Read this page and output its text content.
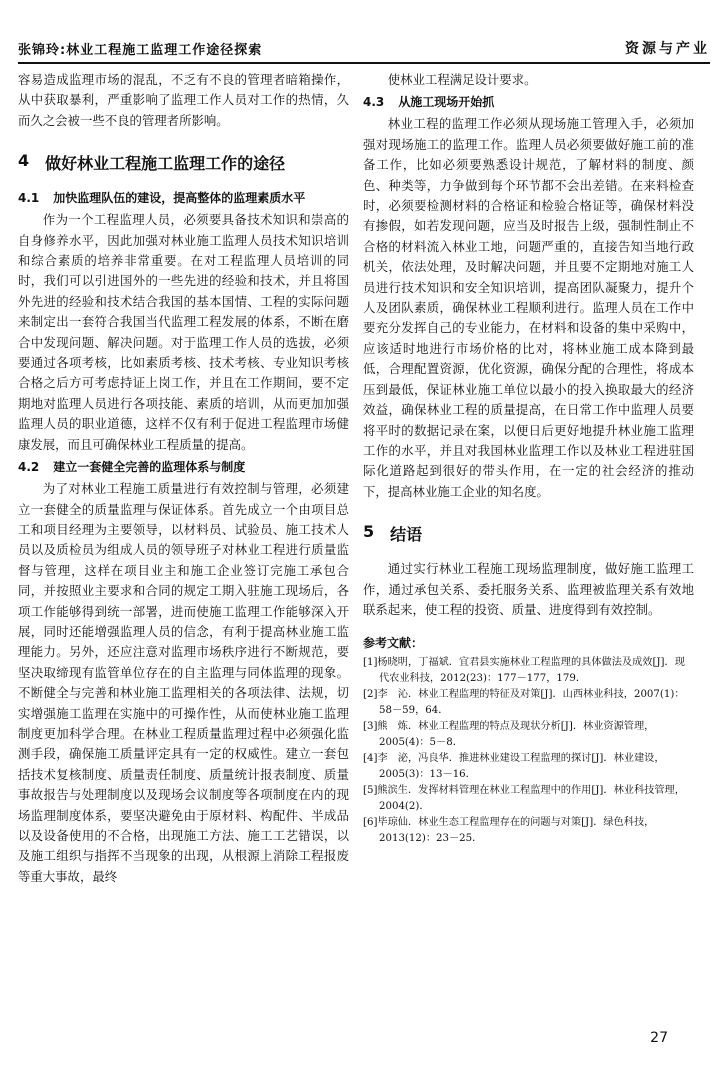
张锦玲:林业工程施工监理工作途径探索	资源与产业

容易造成监理市场的混乱，不乏有不良的管理者暗箱操作，从中获取暴利，严重影响了监理工作人员对工作的热情，久而久之会被一些不良的管理者所影响。

4 做好林业工程施工监理工作的途径
4.1 加快监理队伍的建设，提高整体的监理素质水平

作为一个工程监理人员，必须要具备技术知识和崇高的自身修养水平，因此加强对林业施工监理人员技术知识培训和综合素质的培养非常重要。在对工程监理人员培训的同时，我们可以引进国外的一些先进的经验和技术，并且将国外先进的经验和技术结合我国的基本国情、工程的实际问题来制定出一套符合我国当代监理工程发展的体系，不断在磨合中发现问题、解决问题。对于监理工作人员的选拔，必须要通过各项考核，比如素质考核、技术考核、专业知识考核合格之后方可考虑持证上岗工作，并且在工作期间，要不定期地对监理人员进行各项技能、素质的培训，从而更加加强监理人员的职业道德，这样不仅有利于促进工程监理市场健康发展，而且可确保林业工程质量的提高。

4.2 建立一套健全完善的监理体系与制度

为了对林业工程施工质量进行有效控制与管理，必须建立一套健全的质量监理与保证体系。首先成立一个由项目总工和项目经理为主要领导，以材料员、试验员、施工技术人员以及质检员为组成人员的领导班子对林业工程进行质量监督与管理，这样在项目业主和施工企业签订完施工承包合同，并按照业主要求和合同的规定工期入驻施工现场后，各项工作能够得到统一部署，进而使施工监理工作能够深入开展，同时还能增强监理人员的信念，有利于提高林业施工监理能力。另外，还应注意对监理市场秩序进行不断规范，要坚决取缔现有监管单位存在的自主监理与同体监理的现象。不断健全与完善和林业施工监理相关的各项法律、法规，切实增强施工监理在实施中的可操作性，从而使林业施工监理制度更加科学合理。在林业工程质量监理过程中必须强化监测手段，确保施工质量评定具有一定的权威性。建立一套包括技术复核制度、质量责任制度、质量统计报表制度、质量事故报告与处理制度以及现场会议制度等各项制度在内的现场监理制度体系，要坚决避免由于原材料、构配件、半成品以及设备使用的不合格，出现施工方法、施工工艺错误，以及施工组织与指挥不当现象的出现，从根源上消除工程报废等重大事故，最终

使林业工程满足设计要求。

4.3 从施工现场开始抓

林业工程的监理工作必须从现场施工管理入手，必须加强对现场施工的监理工作。监理人员必须要做好施工前的准备工作，比如必须要熟悉设计规范，了解材料的制度、颜色、种类等，力争做到每个环节都不会出差错。在来料检查时，必须要检测材料的合格证和检验合格证等，确保材料没有掺假，如若发现问题，应当及时报告上级，强制性制止不合格的材料流入林业工地，问题严重的，直接告知当地行政机关，依法处理，及时解决问题，并且要不定期地对施工人员进行技术知识和安全知识培训，提高团队凝聚力，提升个人及团队素质，确保林业工程顺利进行。监理人员在工作中要充分发挥自己的专业能力，在材料和设备的集中采购中，应该适时地进行市场价格的比对，将林业施工成本降到最低，合理配置资源，优化资源，确保分配的合理性，将成本压到最低，保证林业施工单位以最小的投入换取最大的经济效益，确保林业工程的质量提高，在日常工作中监理人员要将平时的数据记录在案，以便日后更好地提升林业施工监理工作的水平，并且对我国林业监理工作以及林业工程进驻国际化道路起到很好的带头作用，在一定的社会经济的推动下，提高林业施工企业的知名度。

5 结语

通过实行林业工程施工现场监理制度，做好施工监理工作，通过承包关系、委托服务关系、监理被监理关系有效地联系起来，使工程的投资、质量、进度得到有效控制。

参考文献：

[1]杨晓明，丁福斌．宜君县实施林业工程监理的具体做法及成效[J]．现代农业科技，2012(23)：177－177，179．

[2]李　沁．林业工程监理的特征及对策[J]．山西林业科技，2007(1)：58－59，64．

[3]熊　炼．林业工程监理的特点及现状分析[J]．林业资源管理，2005(4)：5－8．

[4]李　泌，冯良华．推进林业建设工程监理的探讨[J]．林业建设，2005(3)：13－16．

[5]熊滨生．发挥材料管理在林业工程监理中的作用[J]．林业科技管理，2004(2)．

[6]毕琼仙．林业生态工程监理存在的问题与对策[J]．绿色科技，2013(12)：23－25．

27
